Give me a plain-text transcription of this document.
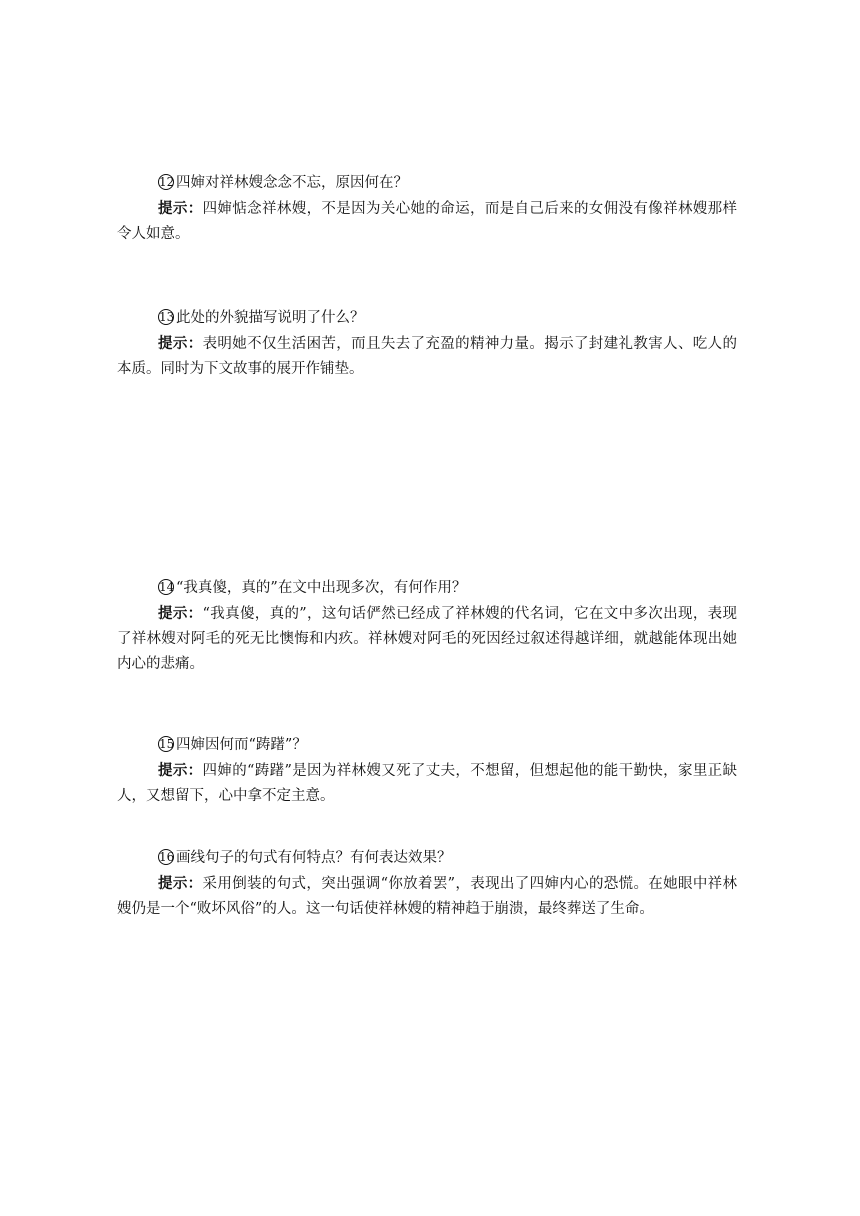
12 四婶对祥林嫂念念不忘，原因何在？

提示：四婶惦念祥林嫂，不是因为关心她的命运，而是自己后来的女佣没有像祥林嫂那样令人如意。

13 此处的外貌描写说明了什么？

提示：表明她不仅生活困苦，而且失去了充盈的精神力量。揭示了封建礼教害人、吃人的本质。同时为下文故事的展开作铺垫。

14 “我真傻，真的”在文中出现多次，有何作用？

提示：“我真傻，真的”，这句话俨然已经成了祥林嫂的代名词，它在文中多次出现，表现了祥林嫂对阿毛的死无比懊悔和内疚。祥林嫂对阿毛的死因经过叙述得越详细，就越能体现出她内心的悲痛。

15 四婶因何而“踌躇”？

提示：四婶的“踌躇”是因为祥林嫂又死了丈夫，不想留，但想起他的能干勤快，家里正缺人，又想留下，心中拿不定主意。

16 画线句子的句式有何特点？有何表达效果？

提示：采用倒装的句式，突出强调“你放着罢”，表现出了四婶内心的恐慌。在她眼中祥林嫂仍是一个“败坏风俗”的人。这一句话使祥林嫂的精神趋于崩溃，最终葬送了生命。
